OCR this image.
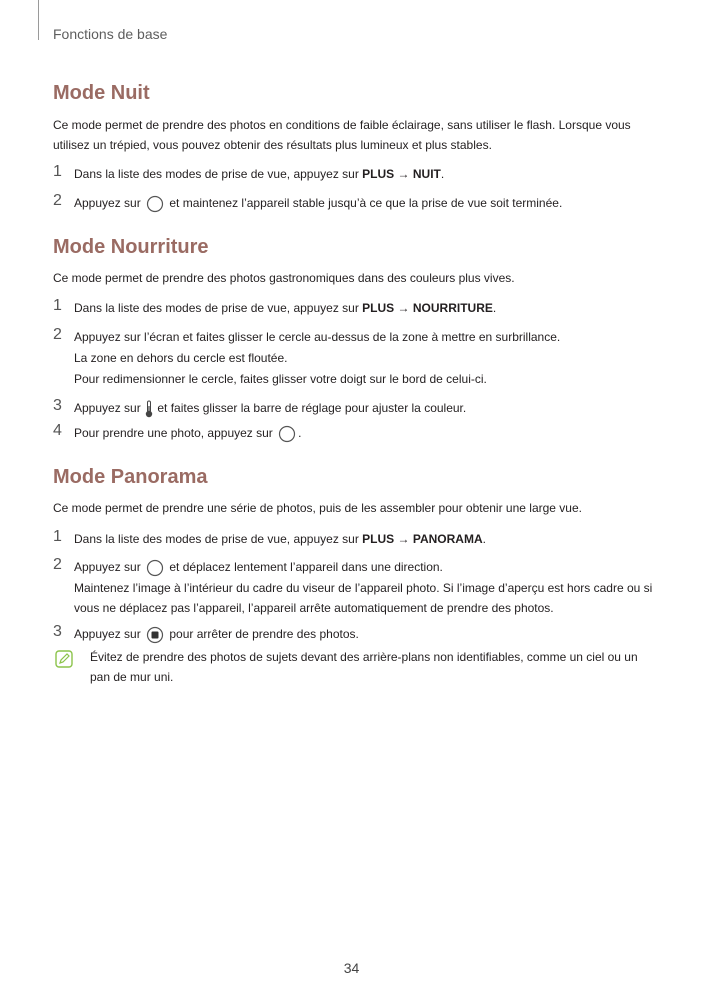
Fonctions de base
Mode Nuit
Ce mode permet de prendre des photos en conditions de faible éclairage, sans utiliser le flash. Lorsque vous utilisez un trépied, vous pouvez obtenir des résultats plus lumineux et plus stables.
1 Dans la liste des modes de prise de vue, appuyez sur PLUS → NUIT.
2 Appuyez sur  et maintenez l’appareil stable jusqu’à ce que la prise de vue soit terminée.
Mode Nourriture
Ce mode permet de prendre des photos gastronomiques dans des couleurs plus vives.
1 Dans la liste des modes de prise de vue, appuyez sur PLUS → NOURRITURE.
2 Appuyez sur l’écran et faites glisser le cercle au-dessus de la zone à mettre en surbrillance.
La zone en dehors du cercle est floutée.
Pour redimensionner le cercle, faites glisser votre doigt sur le bord de celui-ci.
3 Appuyez sur  et faites glisser la barre de réglage pour ajuster la couleur.
4 Pour prendre une photo, appuyez sur .
Mode Panorama
Ce mode permet de prendre une série de photos, puis de les assembler pour obtenir une large vue.
1 Dans la liste des modes de prise de vue, appuyez sur PLUS → PANORAMA.
2 Appuyez sur  et déplacez lentement l’appareil dans une direction.
Maintenez l’image à l’intérieur du cadre du viseur de l’appareil photo. Si l’image d’aperçu est hors cadre ou si vous ne déplacez pas l’appareil, l’appareil arrête automatiquement de prendre des photos.
3 Appuyez sur  pour arrêter de prendre des photos.
Évitez de prendre des photos de sujets devant des arrière-plans non identifiables, comme un ciel ou un pan de mur uni.
34
